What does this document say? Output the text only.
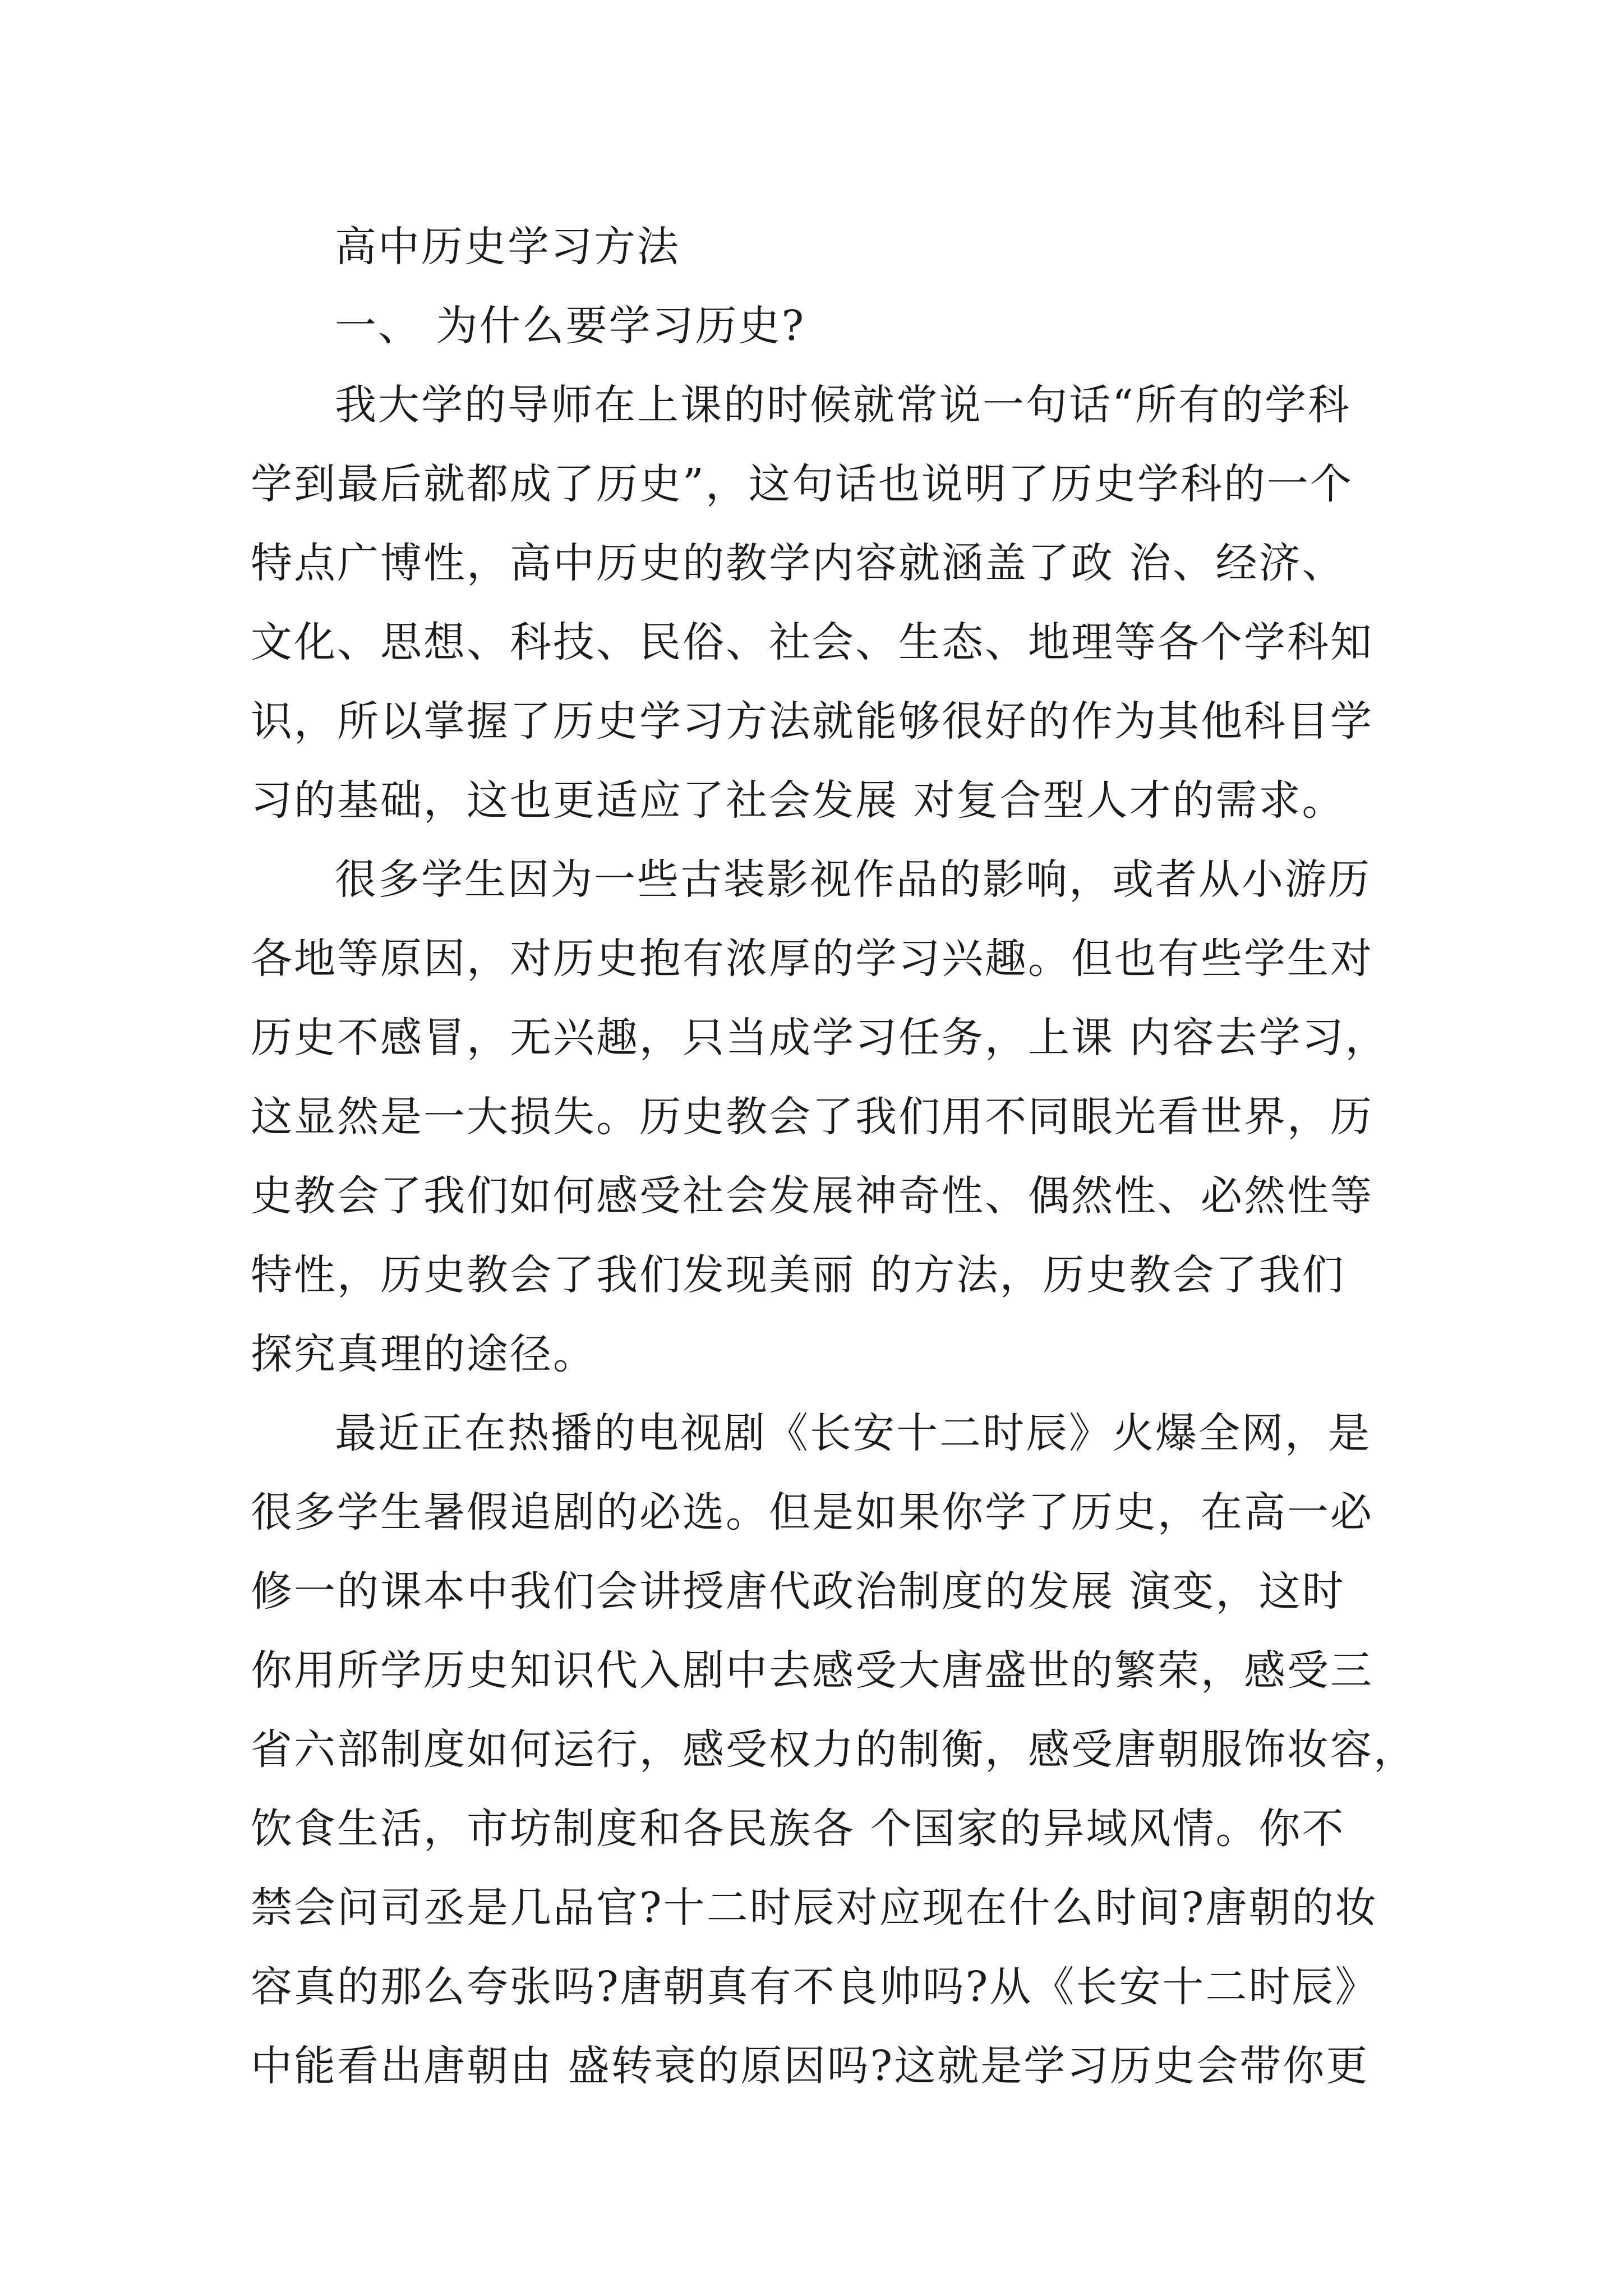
高中历史学习方法
一、 为什么要学习历史?
我大学的导师在上课的时候就常说一句话“所有的学科
学到最后就都成了历史”，这句话也说明了历史学科的一个
特点广博性，高中历史的教学内容就涵盖了政 治、经济、
文化、思想、科技、民俗、社会、生态、地理等各个学科知
识，所以掌握了历史学习方法就能够很好的作为其他科目学
习的基础，这也更适应了社会发展 对复合型人才的需求。
很多学生因为一些古装影视作品的影响，或者从小游历
各地等原因，对历史抱有浓厚的学习兴趣。但也有些学生对
历史不感冒，无兴趣，只当成学习任务，上课 内容去学习，
这显然是一大损失。历史教会了我们用不同眼光看世界，历
史教会了我们如何感受社会发展神奇性、偶然性、必然性等
特性，历史教会了我们发现美丽 的方法，历史教会了我们
探究真理的途径。
最近正在热播的电视剧《长安十二时辰》火爆全网，是
很多学生暑假追剧的必选。但是如果你学了历史，在高一必
修一的课本中我们会讲授唐代政治制度的发展 演变，这时
你用所学历史知识代入剧中去感受大唐盛世的繁荣，感受三
省六部制度如何运行，感受权力的制衡，感受唐朝服饰妆容，
饮食生活，市坊制度和各民族各 个国家的异域风情。你不
禁会问司丞是几品官?十二时辰对应现在什么时间?唐朝的妆
容真的那么夸张吗?唐朝真有不良帅吗?从《长安十二时辰》
中能看出唐朝由 盛转衰的原因吗?这就是学习历史会带你更
